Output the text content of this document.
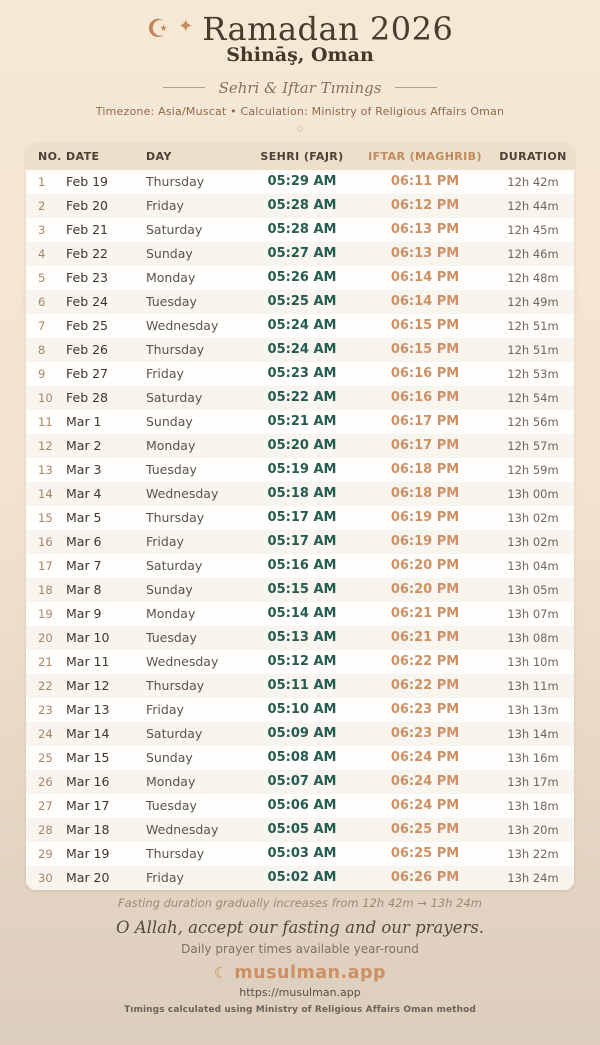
☪ ✦ Ramadan 2026
Shināş, Oman
Sehri & Iftar Tımings
Timezone: Asia/Muscat • Calculation: Ministry of Religious Affairs Oman
◇
NO. DATE	DAY	SEHRI (FAJR)	IFTAR (MAGHRIB)	DURATION
1	Feb 19	Thursday	05:29 AM	06:11 PM	12h 42m
2	Feb 20	Friday	05:28 AM	06:12 PM	12h 44m
3	Feb 21	Saturday	05:28 AM	06:13 PM	12h 45m
4	Feb 22	Sunday	05:27 AM	06:13 PM	12h 46m
5	Feb 23	Monday	05:26 AM	06:14 PM	12h 48m
6	Feb 24	Tuesday	05:25 AM	06:14 PM	12h 49m
7	Feb 25	Wednesday	05:24 AM	06:15 PM	12h 51m
8	Feb 26	Thursday	05:24 AM	06:15 PM	12h 51m
9	Feb 27	Friday	05:23 AM	06:16 PM	12h 53m
10	Feb 28	Saturday	05:22 AM	06:16 PM	12h 54m
11	Mar 1	Sunday	05:21 AM	06:17 PM	12h 56m
12	Mar 2	Monday	05:20 AM	06:17 PM	12h 57m
13	Mar 3	Tuesday	05:19 AM	06:18 PM	12h 59m
14	Mar 4	Wednesday	05:18 AM	06:18 PM	13h 00m
15	Mar 5	Thursday	05:17 AM	06:19 PM	13h 02m
16	Mar 6	Friday	05:17 AM	06:19 PM	13h 02m
17	Mar 7	Saturday	05:16 AM	06:20 PM	13h 04m
18	Mar 8	Sunday	05:15 AM	06:20 PM	13h 05m
19	Mar 9	Monday	05:14 AM	06:21 PM	13h 07m
20	Mar 10	Tuesday	05:13 AM	06:21 PM	13h 08m
21	Mar 11	Wednesday	05:12 AM	06:22 PM	13h 10m
22	Mar 12	Thursday	05:11 AM	06:22 PM	13h 11m
23	Mar 13	Friday	05:10 AM	06:23 PM	13h 13m
24	Mar 14	Saturday	05:09 AM	06:23 PM	13h 14m
25	Mar 15	Sunday	05:08 AM	06:24 PM	13h 16m
26	Mar 16	Monday	05:07 AM	06:24 PM	13h 17m
27	Mar 17	Tuesday	05:06 AM	06:24 PM	13h 18m
28	Mar 18	Wednesday	05:05 AM	06:25 PM	13h 20m
29	Mar 19	Thursday	05:03 AM	06:25 PM	13h 22m
30	Mar 20	Friday	05:02 AM	06:26 PM	13h 24m
Fasting duration gradually increases from 12h 42m → 13h 24m
O Allah, accept our fasting and our prayers.
Daily prayer times available year-round
☾ musulman.app
https://musulman.app
Tımings calculated using Ministry of Religious Affairs Oman method
